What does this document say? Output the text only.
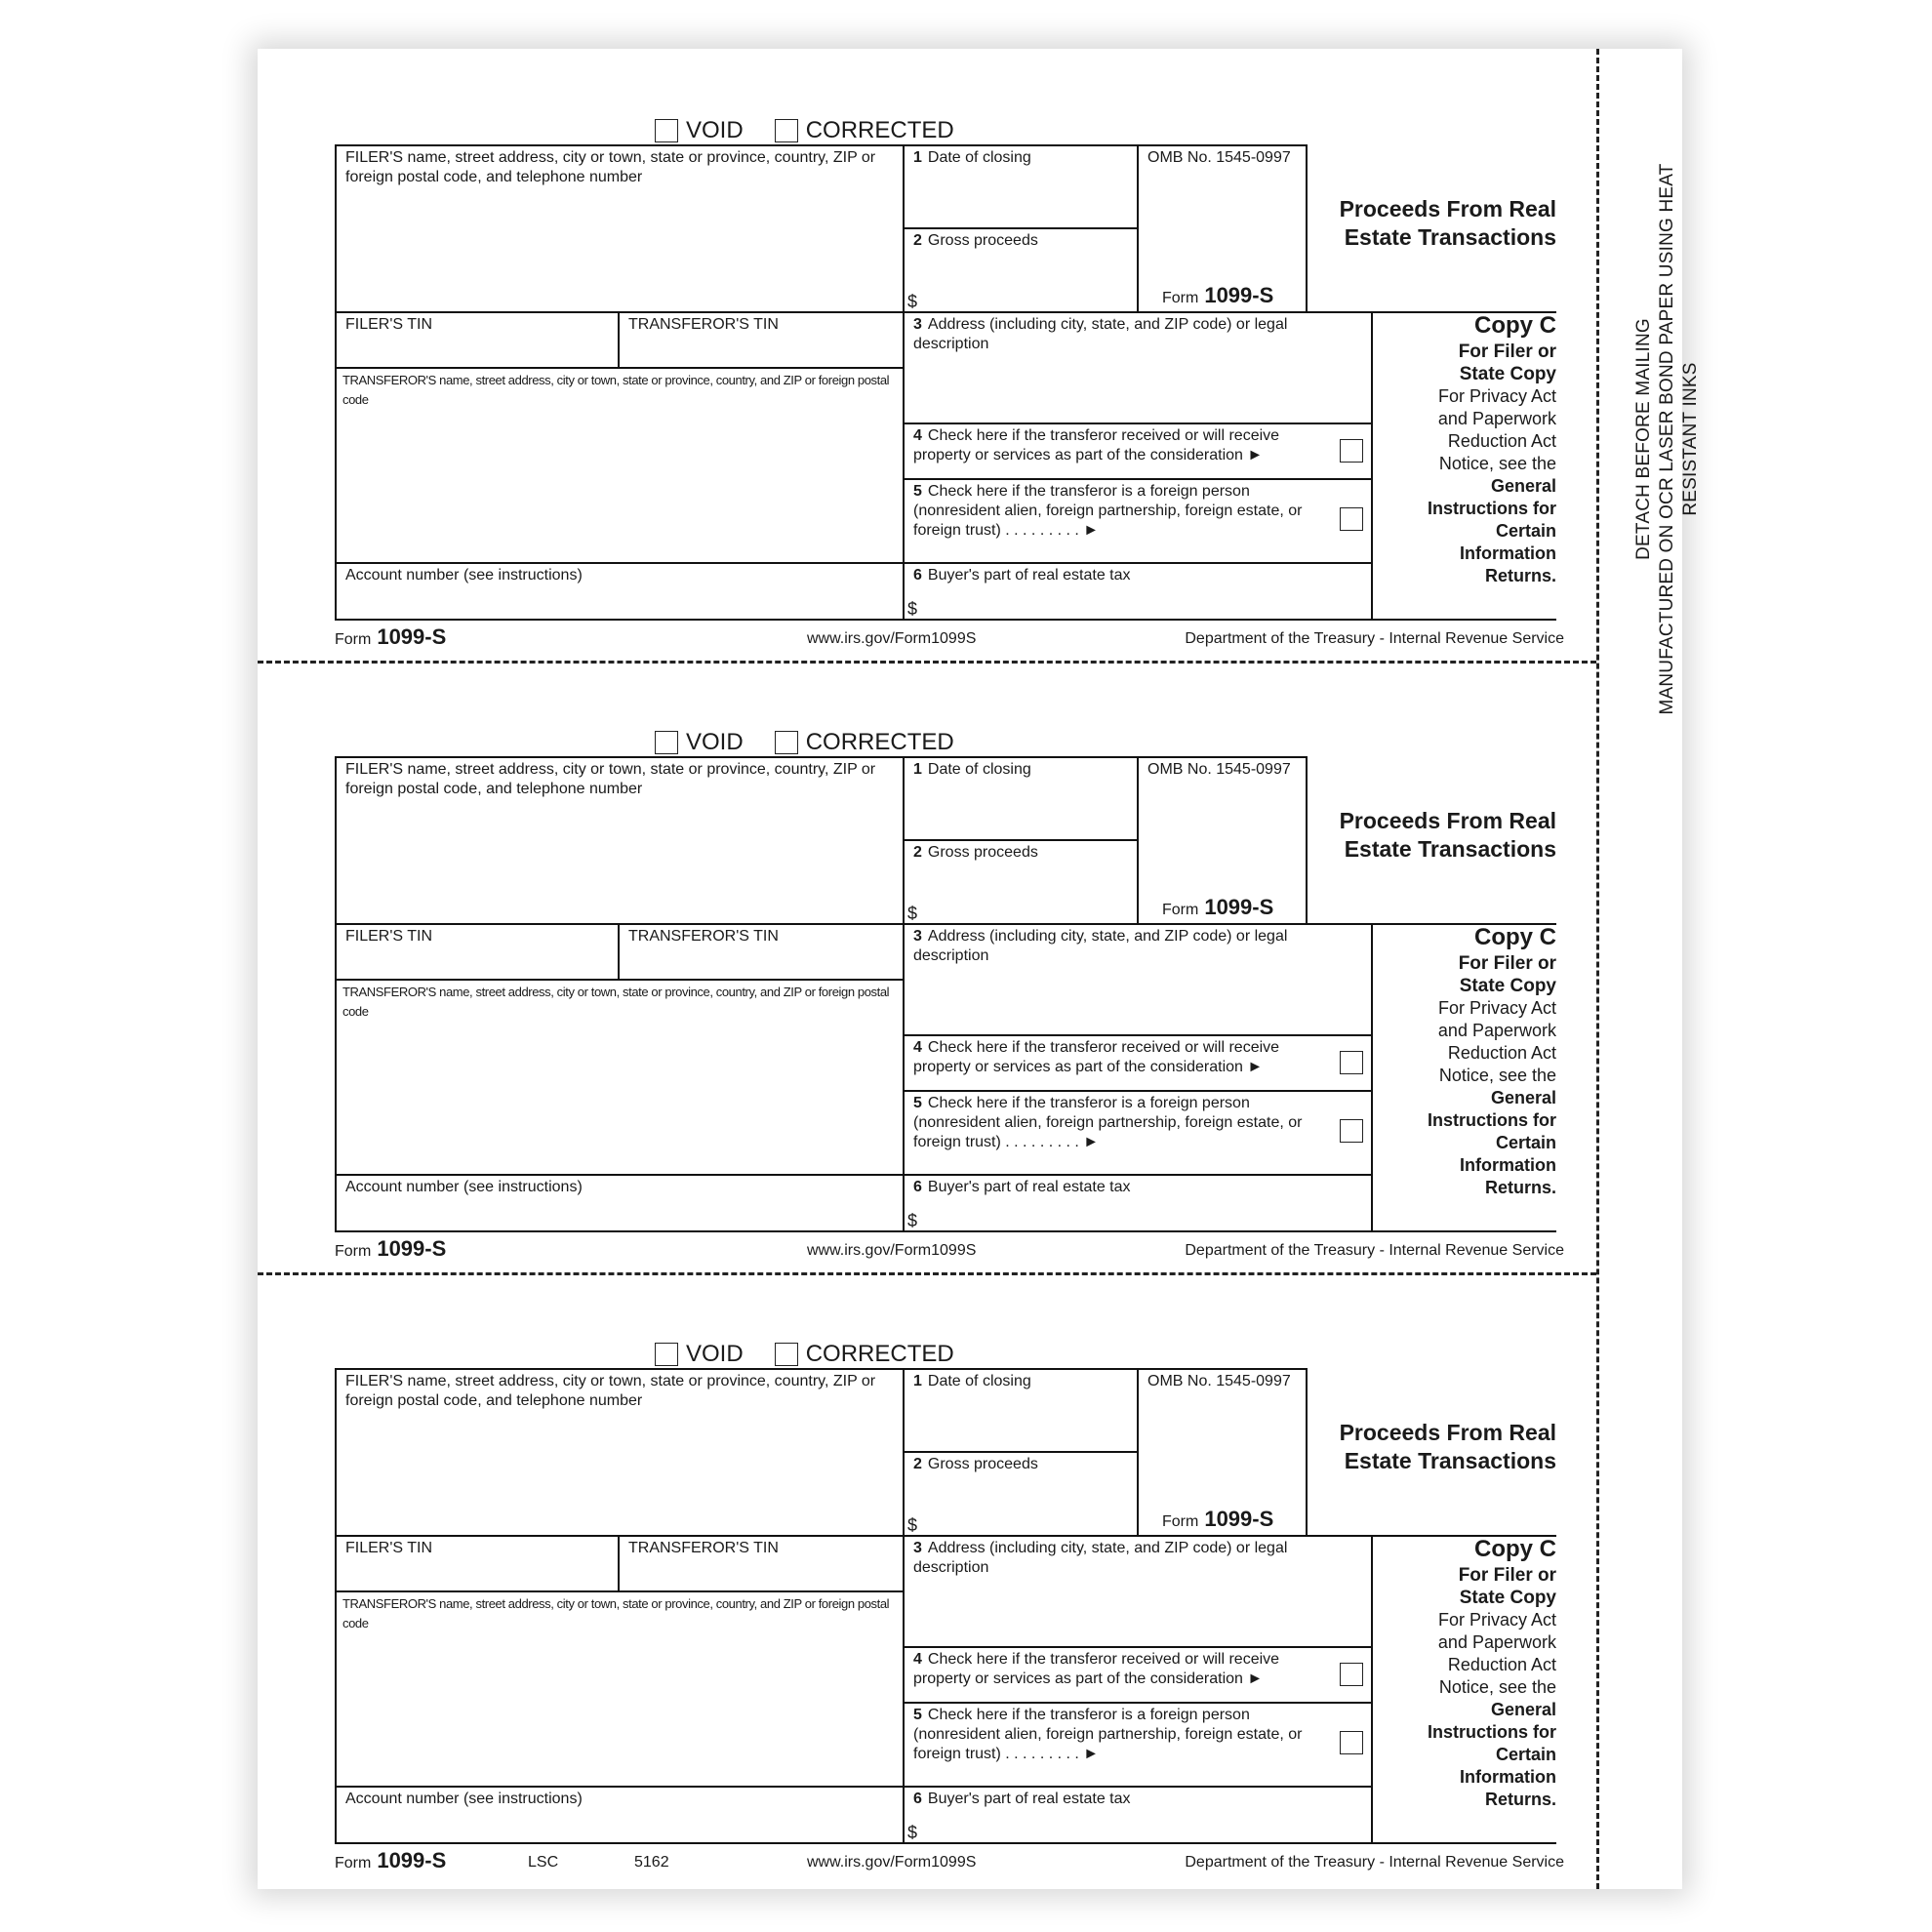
DETACH BEFORE MAILING MANUFACTURED ON OCR LASER BOND PAPER USING HEAT RESISTANT INKS
VOID	CORRECTED
FILER'S name, street address, city or town, state or province, country, ZIP or foreign postal code, and telephone number
1 Date of closing	OMB No. 1545-0997
Form 1099-S
2 Gross proceeds
$
Proceeds From Real Estate Transactions
FILER'S TIN	TRANSFEROR'S TIN
TRANSFEROR'S name, street address, city or town, state or province, country, and ZIP or foreign postal code
3 Address (including city, state, and ZIP code) or legal description
4 Check here if the transferor received or will receive property or services as part of the consideration ►
5 Check here if the transferor is a foreign person (nonresident alien, foreign partnership, foreign estate, or foreign trust) . . . . . . . . . ►
Account number (see instructions)	6 Buyer's part of real estate tax
$
Copy C
For Filer or State Copy
For Privacy Act and Paperwork Reduction Act Notice, see the
General Instructions for Certain Information Returns.
Form 1099-S	www.irs.gov/Form1099S	Department of the Treasury - Internal Revenue Service
VOID	CORRECTED
FILER'S name, street address, city or town, state or province, country, ZIP or foreign postal code, and telephone number
1 Date of closing	OMB No. 1545-0997
Form 1099-S
2 Gross proceeds
$
Proceeds From Real Estate Transactions
FILER'S TIN	TRANSFEROR'S TIN
TRANSFEROR'S name, street address, city or town, state or province, country, and ZIP or foreign postal code
3 Address (including city, state, and ZIP code) or legal description
4 Check here if the transferor received or will receive property or services as part of the consideration ►
5 Check here if the transferor is a foreign person (nonresident alien, foreign partnership, foreign estate, or foreign trust) . . . . . . . . . ►
Account number (see instructions)	6 Buyer's part of real estate tax
$
Copy C
For Filer or State Copy
For Privacy Act and Paperwork Reduction Act Notice, see the
General Instructions for Certain Information Returns.
Form 1099-S	www.irs.gov/Form1099S	Department of the Treasury - Internal Revenue Service
VOID	CORRECTED
FILER'S name, street address, city or town, state or province, country, ZIP or foreign postal code, and telephone number
1 Date of closing	OMB No. 1545-0997
Form 1099-S
2 Gross proceeds
$
Proceeds From Real Estate Transactions
FILER'S TIN	TRANSFEROR'S TIN
TRANSFEROR'S name, street address, city or town, state or province, country, and ZIP or foreign postal code
3 Address (including city, state, and ZIP code) or legal description
4 Check here if the transferor received or will receive property or services as part of the consideration ►
5 Check here if the transferor is a foreign person (nonresident alien, foreign partnership, foreign estate, or foreign trust) . . . . . . . . . ►
Account number (see instructions)	6 Buyer's part of real estate tax
$
Copy C
For Filer or State Copy
For Privacy Act and Paperwork Reduction Act Notice, see the
General Instructions for Certain Information Returns.
Form 1099-S	www.irs.gov/Form1099S	Department of the Treasury - Internal Revenue Service
LSC	5162
